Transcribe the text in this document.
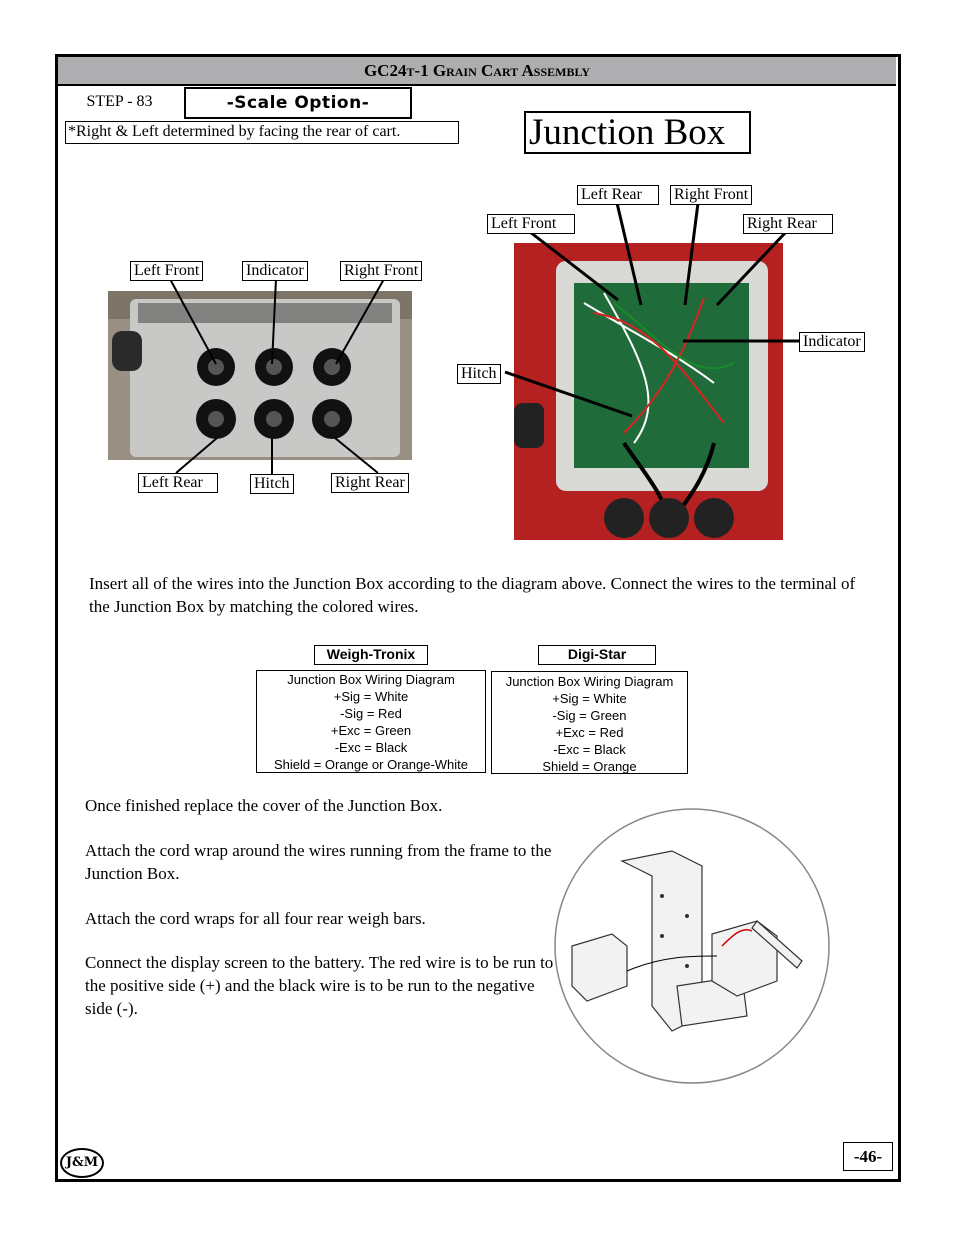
GC24t-1 Grain Cart Assembly
STEP - 83	-Scale Option-
*Right & Left determined by facing the rear of cart.	Junction Box
Left Front	Indicator	Right Front
Left Rear	Hitch	Right Rear
Left Rear	Right Front
Left Front	Right Rear
Indicator
Hitch
Insert all of the wires into the Junction Box according to the diagram above. Connect the wires to the terminal of the Junction Box by matching the colored wires.
Weigh-Tronix
Junction Box Wiring Diagram
+Sig = White
-Sig = Red
+Exc = Green
-Exc = Black
Shield = Orange or Orange-White
Digi-Star
Junction Box Wiring Diagram
+Sig = White
-Sig = Green
+Exc = Red
-Exc = Black
Shield = Orange
Once finished replace the cover of the Junction Box.
Attach the cord wrap around the wires running from the frame to the Junction Box.
Attach the cord wraps for all four rear weigh bars.
Connect the display screen to the battery. The red wire is to be run to the positive side (+) and the black wire is to be run to the negative side (-).
J&M	-46-
